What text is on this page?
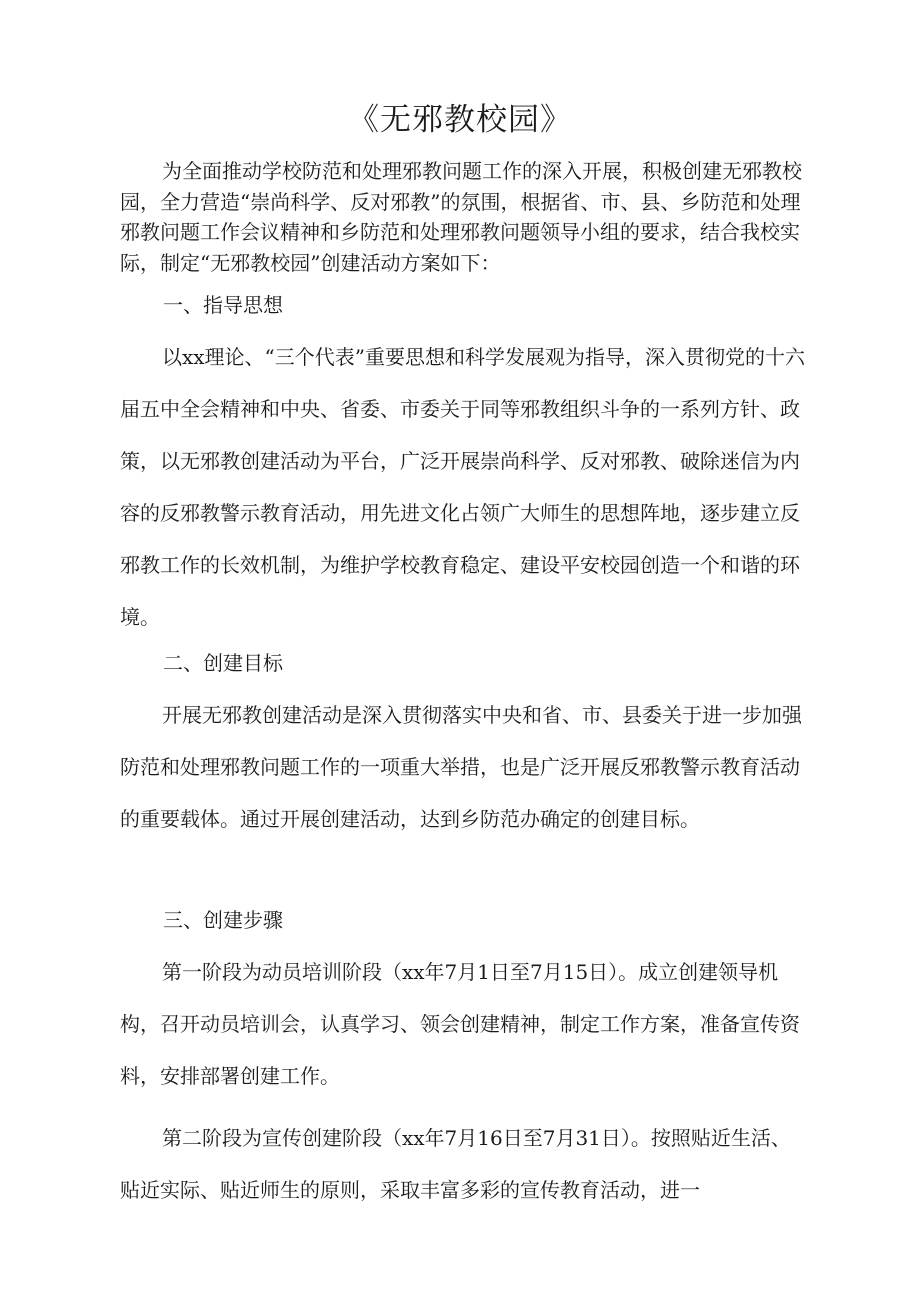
《无邪教校园》

为全面推动学校防范和处理邪教问题工作的深入开展，积极创建无邪教校园，全力营造“崇尚科学、反对邪教”的氛围，根据省、市、县、乡防范和处理邪教问题工作会议精神和乡防范和处理邪教问题领导小组的要求，结合我校实际，制定“无邪教校园”创建活动方案如下：

一、指导思想

以xx理论、“三个代表”重要思想和科学发展观为指导，深入贯彻党的十六届五中全会精神和中央、省委、市委关于同等邪教组织斗争的一系列方针、政策，以无邪教创建活动为平台，广泛开展崇尚科学、反对邪教、破除迷信为内容的反邪教警示教育活动，用先进文化占领广大师生的思想阵地，逐步建立反邪教工作的长效机制，为维护学校教育稳定、建设平安校园创造一个和谐的环境。

二、创建目标

开展无邪教创建活动是深入贯彻落实中央和省、市、县委关于进一步加强防范和处理邪教问题工作的一项重大举措，也是广泛开展反邪教警示教育活动的重要载体。通过开展创建活动，达到乡防范办确定的创建目标。

三、创建步骤

第一阶段为动员培训阶段（xx年7月1日至7月15日）。成立创建领导机构，召开动员培训会，认真学习、领会创建精神，制定工作方案，准备宣传资料，安排部署创建工作。

第二阶段为宣传创建阶段（xx年7月16日至7月31日）。按照贴近生活、贴近实际、贴近师生的原则，采取丰富多彩的宣传教育活动，进一
